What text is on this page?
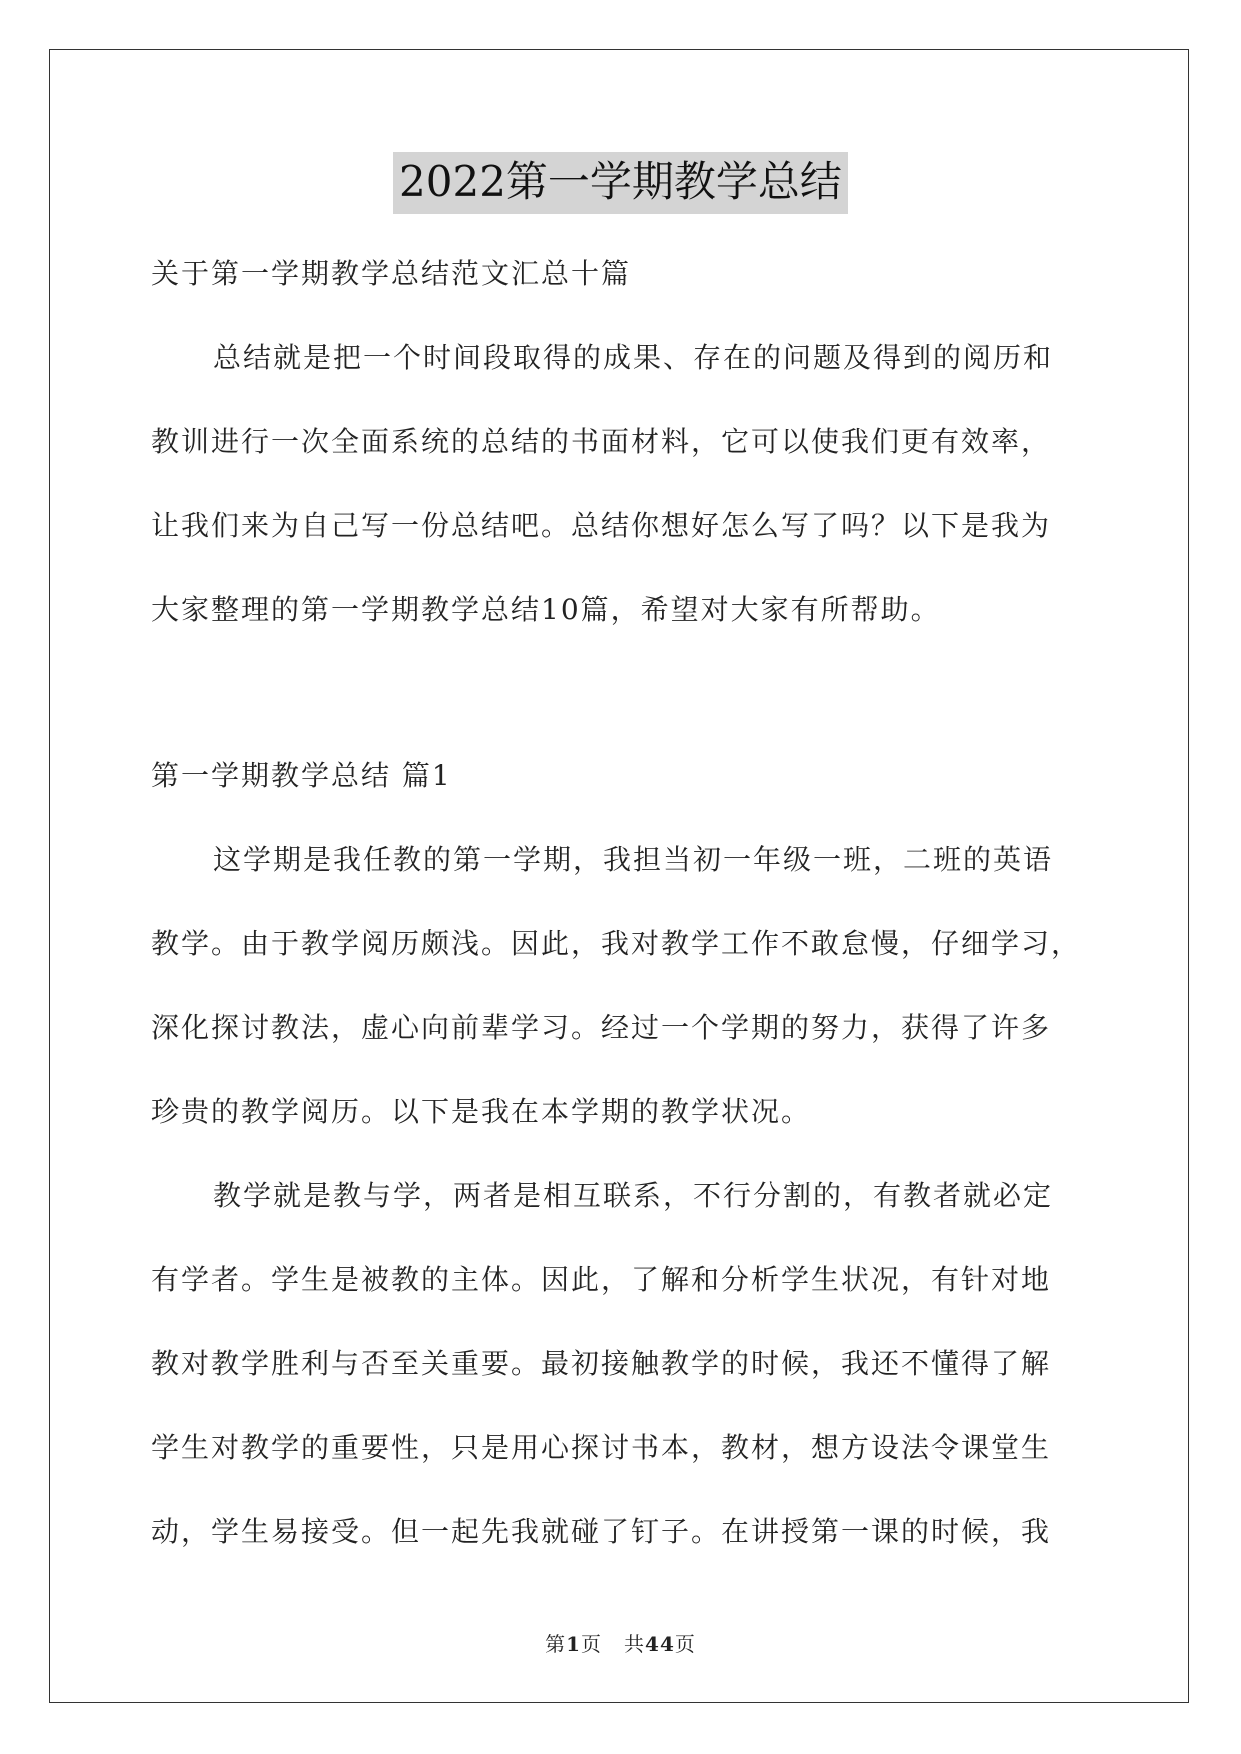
2022第一学期教学总结
关于第一学期教学总结范文汇总十篇
总结就是把一个时间段取得的成果、存在的问题及得到的阅历和
教训进行一次全面系统的总结的书面材料，它可以使我们更有效率，
让我们来为自己写一份总结吧。总结你想好怎么写了吗？以下是我为
大家整理的第一学期教学总结10篇，希望对大家有所帮助。
第一学期教学总结 篇1
这学期是我任教的第一学期，我担当初一年级一班，二班的英语
教学。由于教学阅历颇浅。因此，我对教学工作不敢怠慢，仔细学习，
深化探讨教法，虚心向前辈学习。经过一个学期的努力，获得了许多
珍贵的教学阅历。以下是我在本学期的教学状况。
教学就是教与学，两者是相互联系，不行分割的，有教者就必定
有学者。学生是被教的主体。因此，了解和分析学生状况，有针对地
教对教学胜利与否至关重要。最初接触教学的时候，我还不懂得了解
学生对教学的重要性，只是用心探讨书本，教材，想方设法令课堂生
动，学生易接受。但一起先我就碰了钉子。在讲授第一课的时候，我
第1页 共44页
